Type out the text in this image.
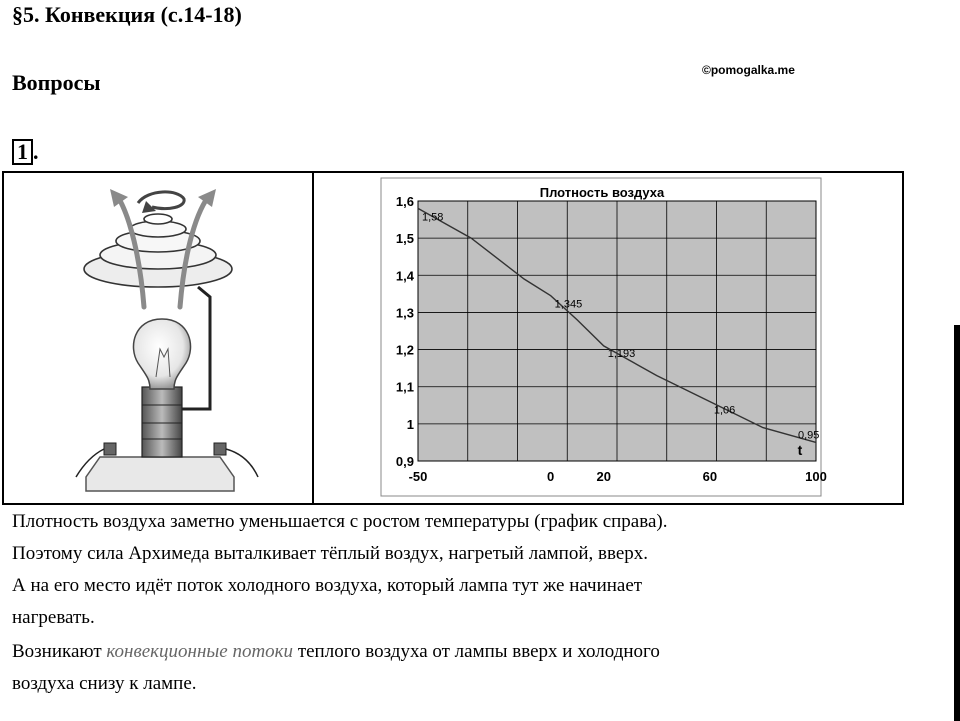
§5. Конвекция (с.14-18)
Вопросы	©pomogalka.me
1 .
1,6
1,5
1,4
1,3
1,2
1,1
1
0,9
-50	0	20	60	100
t
Плотность воздуха
1,58
1,345
1,193
1,06
0,95

Плотность воздуха заметно уменьшается с ростом температуры (график справа).

Поэтому сила Архимеда выталкивает тёплый воздух, нагретый лампой, вверх.

А на его место идёт поток холодного воздуха, который лампа тут же начинает

нагревать.

Возникают конвекционные потоки теплого воздуха от лампы вверх и холодного

воздуха снизу к лампе.
